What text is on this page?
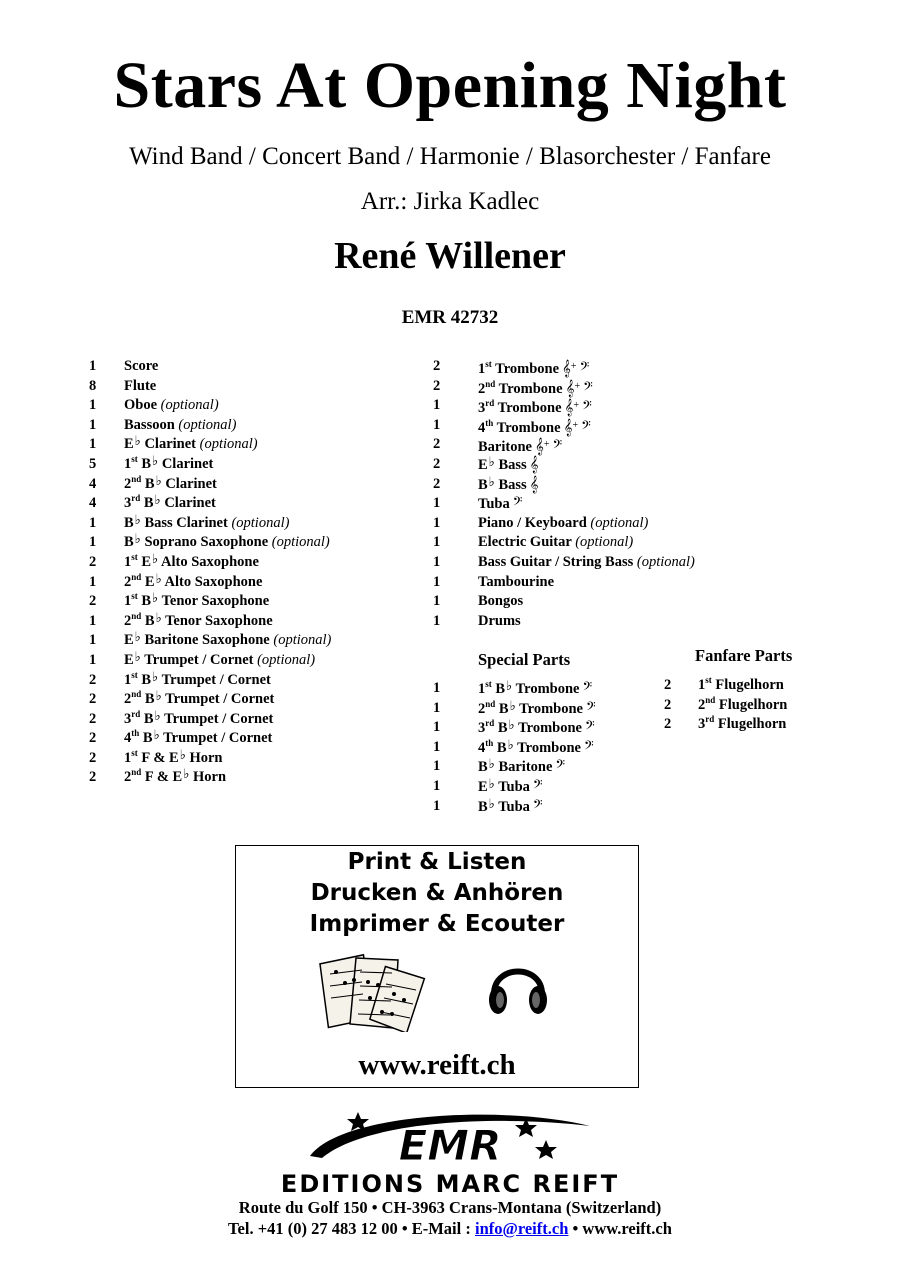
Stars At Opening Night
Wind Band / Concert Band / Harmonie / Blasorchester / Fanfare
Arr.: Jirka Kadlec
René Willener
EMR 42732
1 Score
8 Flute
1 Oboe (optional)
1 Bassoon (optional)
1 E♭ Clarinet (optional)
5 1st B♭ Clarinet
4 2nd B♭ Clarinet
4 3rd B♭ Clarinet
1 B♭ Bass Clarinet (optional)
1 B♭ Soprano Saxophone (optional)
2 1st E♭ Alto Saxophone
1 2nd E♭ Alto Saxophone
2 1st B♭ Tenor Saxophone
1 2nd B♭ Tenor Saxophone
1 E♭ Baritone Saxophone (optional)
1 E♭ Trumpet / Cornet (optional)
2 1st B♭ Trumpet / Cornet
2 2nd B♭ Trumpet / Cornet
2 3rd B♭ Trumpet / Cornet
2 4th B♭ Trumpet / Cornet
2 1st F & E♭ Horn
2 2nd F & E♭ Horn
2	1st Trombone 𝄞+ 𝄢
2	2nd Trombone 𝄞+ 𝄢
1	3rd Trombone 𝄞+ 𝄢
1	4th Trombone 𝄞+ 𝄢
2	Baritone 𝄞+ 𝄢
2	E♭ Bass 𝄞
2	B♭ Bass 𝄞
1	Tuba 𝄢
1	Piano / Keyboard (optional)
1	Electric Guitar (optional)
1	Bass Guitar / String Bass (optional)
1	Tambourine
1	Bongos
1	Drums
Special Parts
1	1st B♭ Trombone 𝄢
1	2nd B♭ Trombone 𝄢
1	3rd B♭ Trombone 𝄢
1	4th B♭ Trombone 𝄢
1	B♭ Baritone 𝄢
1	E♭ Tuba 𝄢
1	B♭ Tuba 𝄢
Fanfare Parts
2 1st Flugelhorn
2 2nd Flugelhorn
2 3rd Flugelhorn
Print & Listen
Drucken & Anhören
Imprimer & Ecouter
www.reift.ch
EMR
EDITIONS MARC REIFT
Route du Golf 150 • CH-3963 Crans-Montana (Switzerland)
Tel. +41 (0) 27 483 12 00 • E-Mail : info@reift.ch • www.reift.ch
